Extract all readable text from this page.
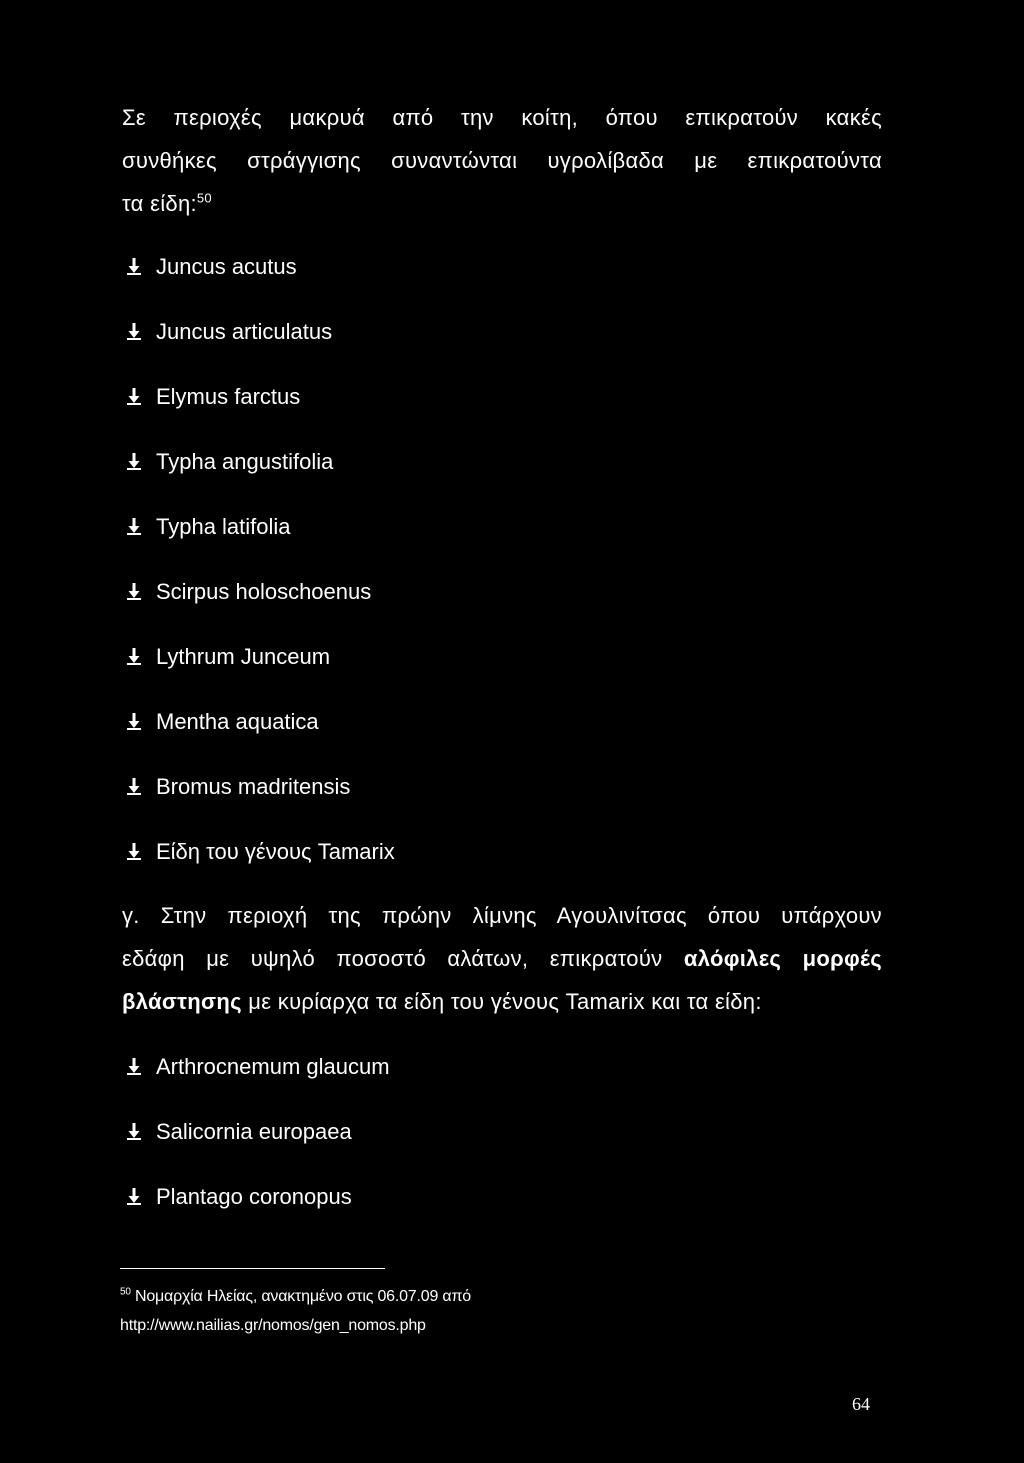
Σε περιοχές μακρυά από την κοίτη, όπου επικρατούν κακές
συνθήκες στράγγισης συναντώνται υγρολίβαδα με επικρατούντα
τα είδη:$^{50}$
Juncus acutus
Juncus articulatus
Elymus farctus
Typha angustifolia
Typha latifolia
Scirpus holoschoenus
Lythrum Junceum
Mentha aquatica
Bromus madritensis
Είδη του γένους Tamarix
γ. Στην περιοχή της πρώην λίμνης Αγουλινίτσας όπου υπάρχουν
εδάφη με υψηλό ποσοστό αλάτων, επικρατούν αλόφιλες μορφές
βλάστησης με κυρίαρχα τα είδη του γένους Tamarix και τα είδη:
Arthrocnemum glaucum
Salicornia europaea
Plantago coronopus
$^{50}$ Νομαρχία Ηλείας, ανακτημένο στις 06.07.09 από
http://www.nailias.gr/nomos/gen_nomos.php
64
